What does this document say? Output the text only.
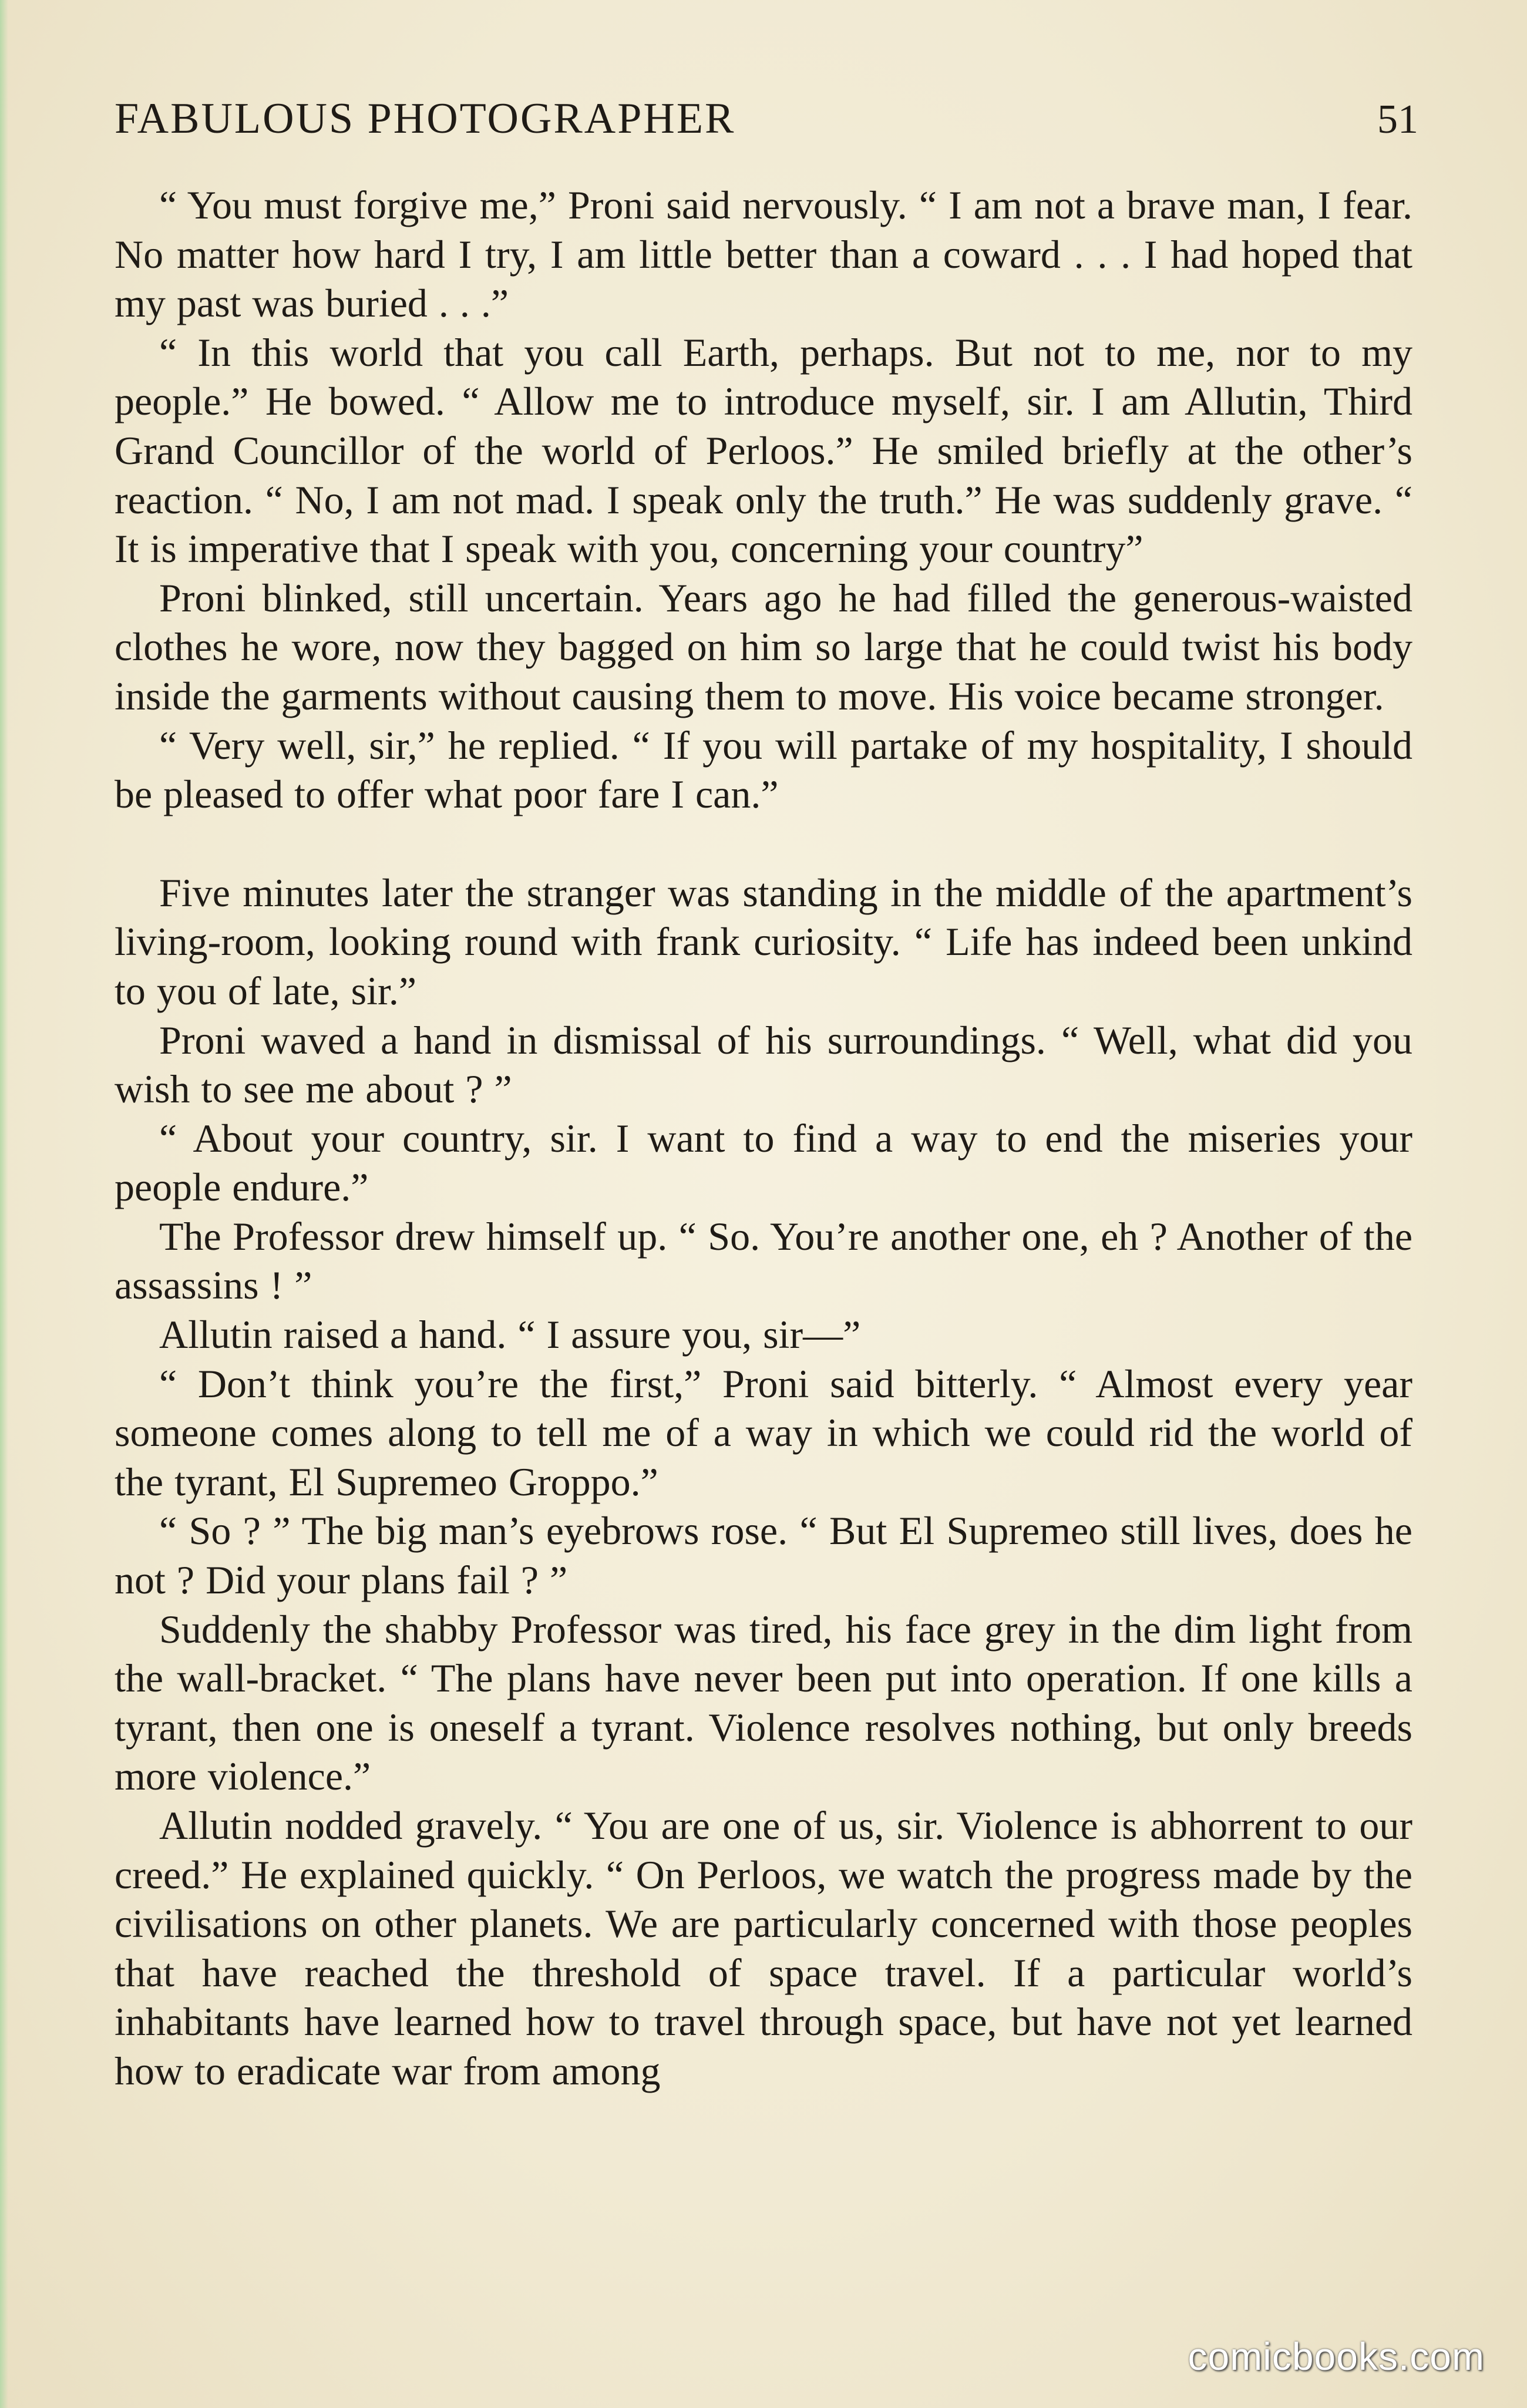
FABULOUS PHOTOGRAPHER	51

“ You must forgive me,” Proni said nervously. “ I am not a brave man, I fear. No matter how hard I try, I am little better than a coward . . . I had hoped that my past was buried . . .”

“ In this world that you call Earth, perhaps. But not to me, nor to my people.” He bowed. “ Allow me to introduce myself, sir. I am Allutin, Third Grand Councillor of the world of Perloos.” He smiled briefly at the other’s reaction. “ No, I am not mad. I speak only the truth.” He was suddenly grave. “ It is imperative that I speak with you, concerning your country”

Proni blinked, still uncertain. Years ago he had filled the generous-waisted clothes he wore, now they bagged on him so large that he could twist his body inside the garments without causing them to move. His voice became stronger.

“ Very well, sir,” he replied. “ If you will partake of my hospitality, I should be pleased to offer what poor fare I can.”

Five minutes later the stranger was standing in the middle of the apartment’s living-room, looking round with frank curiosity. “ Life has indeed been unkind to you of late, sir.”

Proni waved a hand in dismissal of his surroundings. “ Well, what did you wish to see me about ? ”

“ About your country, sir. I want to find a way to end the miseries your people endure.”

The Professor drew himself up. “ So. You’re another one, eh ? Another of the assassins ! ”

Allutin raised a hand. “ I assure you, sir—”

“ Don’t think you’re the first,” Proni said bitterly. “ Almost every year someone comes along to tell me of a way in which we could rid the world of the tyrant, El Supremeo Groppo.”

“ So ? ” The big man’s eyebrows rose. “ But El Supremeo still lives, does he not ? Did your plans fail ? ”

Suddenly the shabby Professor was tired, his face grey in the dim light from the wall-bracket. “ The plans have never been put into operation. If one kills a tyrant, then one is oneself a tyrant. Violence resolves nothing, but only breeds more violence.”

Allutin nodded gravely. “ You are one of us, sir. Violence is abhorrent to our creed.” He explained quickly. “ On Perloos, we watch the progress made by the civilisations on other planets. We are particularly concerned with those peoples that have reached the threshold of space travel. If a particular world’s inhabitants have learned how to travel through space, but have not yet learned how to eradicate war from among

comicbooks.com
